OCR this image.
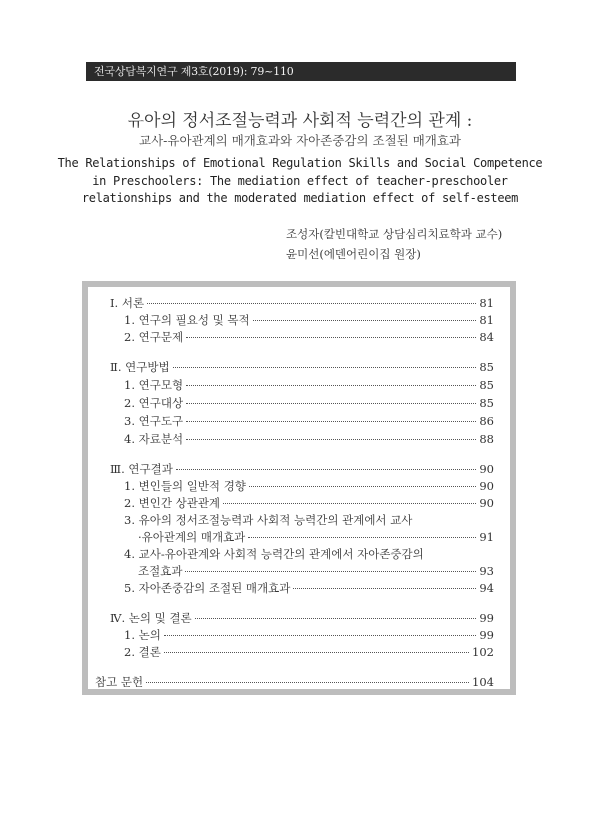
전국상담복지연구 제3호(2019): 79~110
유아의 정서조절능력과 사회적 능력간의 관계 :
교사-유아관계의 매개효과와 자아존중감의 조절된 매개효과
The Relationships of Emotional Regulation Skills and Social Competence
in Preschoolers: The mediation effect of teacher-preschooler
relationships and the moderated mediation effect of self-esteem
조성자(칼빈대학교 상담심리치료학과 교수)
윤미선(에덴어린이집 원장)
Ⅰ. 서론	81
1. 연구의 필요성 및 목적	81
2. 연구문제	84
Ⅱ. 연구방법	85
1. 연구모형	85
2. 연구대상	85
3. 연구도구	86
4. 자료분석	88
Ⅲ. 연구결과	90
1. 변인들의 일반적 경향	90
2. 변인간 상관관계	90
3. 유아의 정서조절능력과 사회적 능력간의 관계에서 교사
·유아관계의 매개효과	91
4. 교사-유아관계와 사회적 능력간의 관계에서 자아존중감의
조절효과	93
5. 자아존중감의 조절된 매개효과	94
Ⅳ. 논의 및 결론	99
1. 논의	99
2. 결론	102
참고 문헌	104
